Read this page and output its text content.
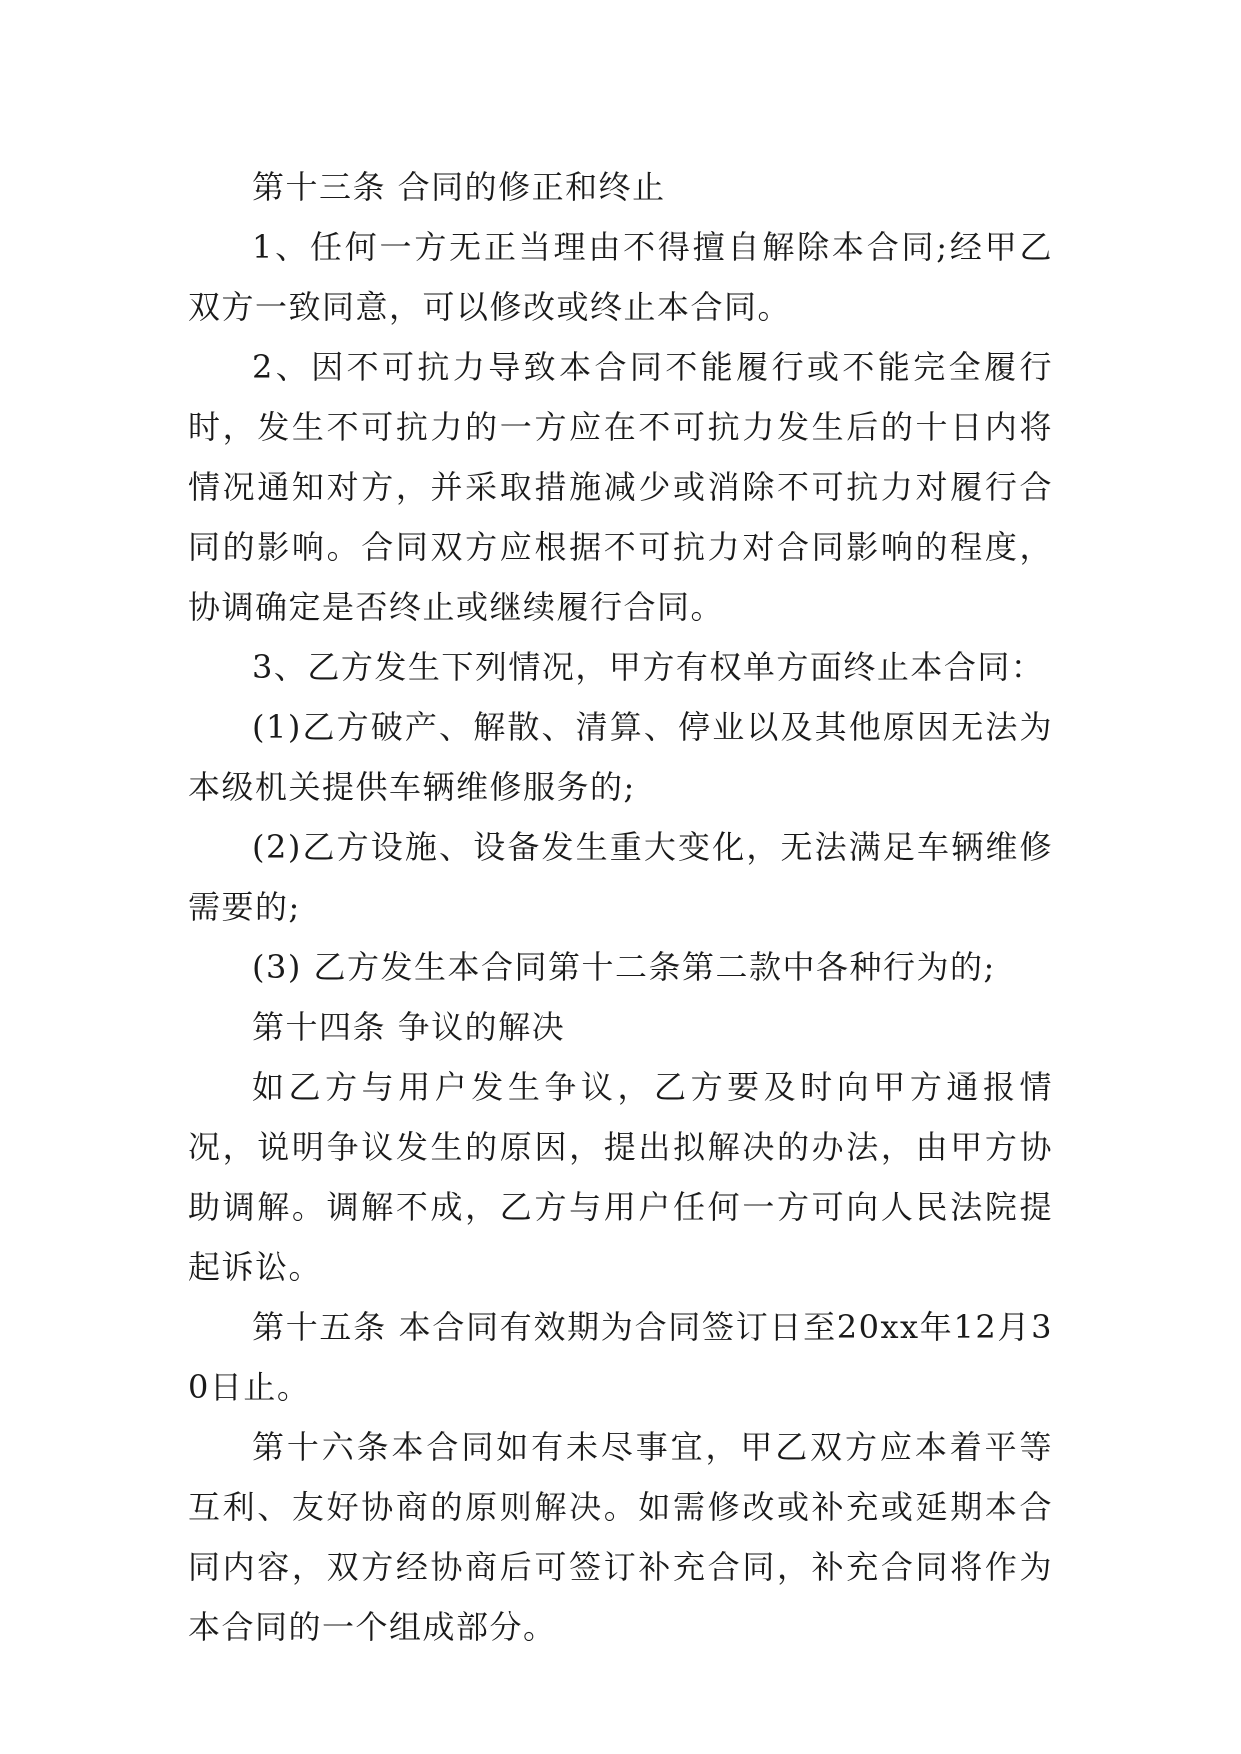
第十三条 合同的修正和终止

1、任何一方无正当理由不得擅自解除本合同;经甲乙双方一致同意，可以修改或终止本合同。

2、因不可抗力导致本合同不能履行或不能完全履行时，发生不可抗力的一方应在不可抗力发生后的十日内将情况通知对方，并采取措施减少或消除不可抗力对履行合同的影响。合同双方应根据不可抗力对合同影响的程度，协调确定是否终止或继续履行合同。

3、乙方发生下列情况，甲方有权单方面终止本合同：

(1)乙方破产、解散、清算、停业以及其他原因无法为本级机关提供车辆维修服务的;

(2)乙方设施、设备发生重大变化，无法满足车辆维修需要的;

(3) 乙方发生本合同第十二条第二款中各种行为的;

第十四条 争议的解决

如乙方与用户发生争议，乙方要及时向甲方通报情况，说明争议发生的原因，提出拟解决的办法，由甲方协助调解。调解不成，乙方与用户任何一方可向人民法院提起诉讼。

第十五条 本合同有效期为合同签订日至20xx年12月30日止。

第十六条本合同如有未尽事宜，甲乙双方应本着平等互利、友好协商的原则解决。如需修改或补充或延期本合同内容，双方经协商后可签订补充合同，补充合同将作为本合同的一个组成部分。
